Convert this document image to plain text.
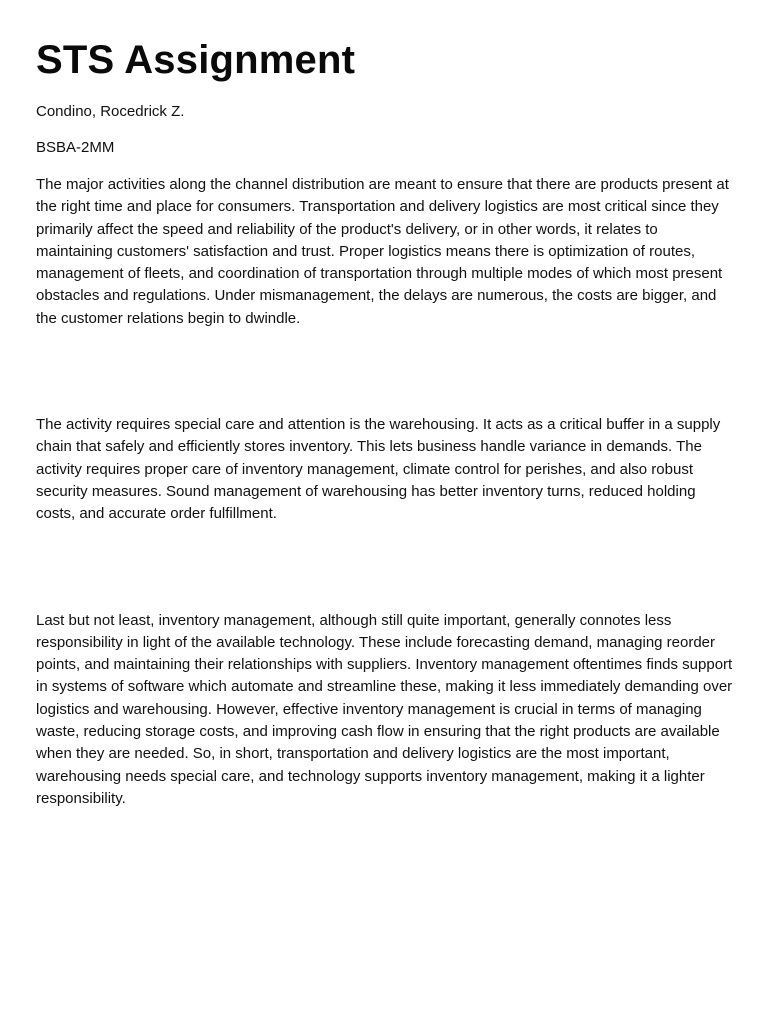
STS Assignment

Condino, Rocedrick Z.

BSBA-2MM

The major activities along the channel distribution are meant to ensure that there are products present at the right time and place for consumers. Transportation and delivery logistics are most critical since they primarily affect the speed and reliability of the product's delivery, or in other words, it relates to maintaining customers' satisfaction and trust. Proper logistics means there is optimization of routes, management of fleets, and coordination of transportation through multiple modes of which most present obstacles and regulations. Under mismanagement, the delays are numerous, the costs are bigger, and the customer relations begin to dwindle.

The activity requires special care and attention is the warehousing. It acts as a critical buffer in a supply chain that safely and efficiently stores inventory. This lets business handle variance in demands. The activity requires proper care of inventory management, climate control for perishes, and also robust security measures. Sound management of warehousing has better inventory turns, reduced holding costs, and accurate order fulfillment.

Last but not least, inventory management, although still quite important, generally connotes less responsibility in light of the available technology. These include forecasting demand, managing reorder points, and maintaining their relationships with suppliers. Inventory management oftentimes finds support in systems of software which automate and streamline these, making it less immediately demanding over logistics and warehousing. However, effective inventory management is crucial in terms of managing waste, reducing storage costs, and improving cash flow in ensuring that the right products are available when they are needed. So, in short, transportation and delivery logistics are the most important, warehousing needs special care, and technology supports inventory management, making it a lighter responsibility.
